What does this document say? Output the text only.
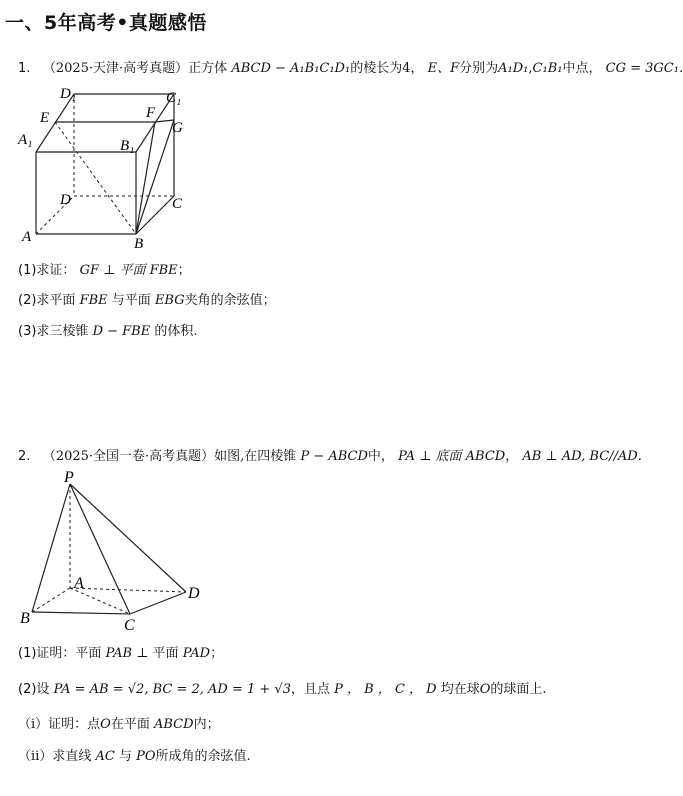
一、5年高考•真题感悟
1. （2025·天津·高考真题）正方体 ABCD − A₁B₁C₁D₁的棱长为4， E、F分别为A₁D₁,C₁B₁中点， CG = 3GC₁.
D₁	C₁
E	F
G
A₁	B₁
D	C
A	B
(1)求证： GF ⊥ 平面 FBE；
(2)求平面 FBE 与平面 EBG夹角的余弦值；
(3)求三棱锥 D − FBE 的体积.
2. （2025·全国一卷·高考真题）如图,在四棱锥 P − ABCD中， PA ⊥ 底面 ABCD， AB ⊥ AD, BC//AD.
P
A
B	C
D
(1)证明：平面 PAB ⊥ 平面 PAD；
(2)设 PA = AB = √2, BC = 2, AD = 1 + √3，且点 P ， B ， C ， D 均在球O的球面上.
（i）证明：点O在平面 ABCD内；
（ii）求直线 AC 与 PO所成角的余弦值.
